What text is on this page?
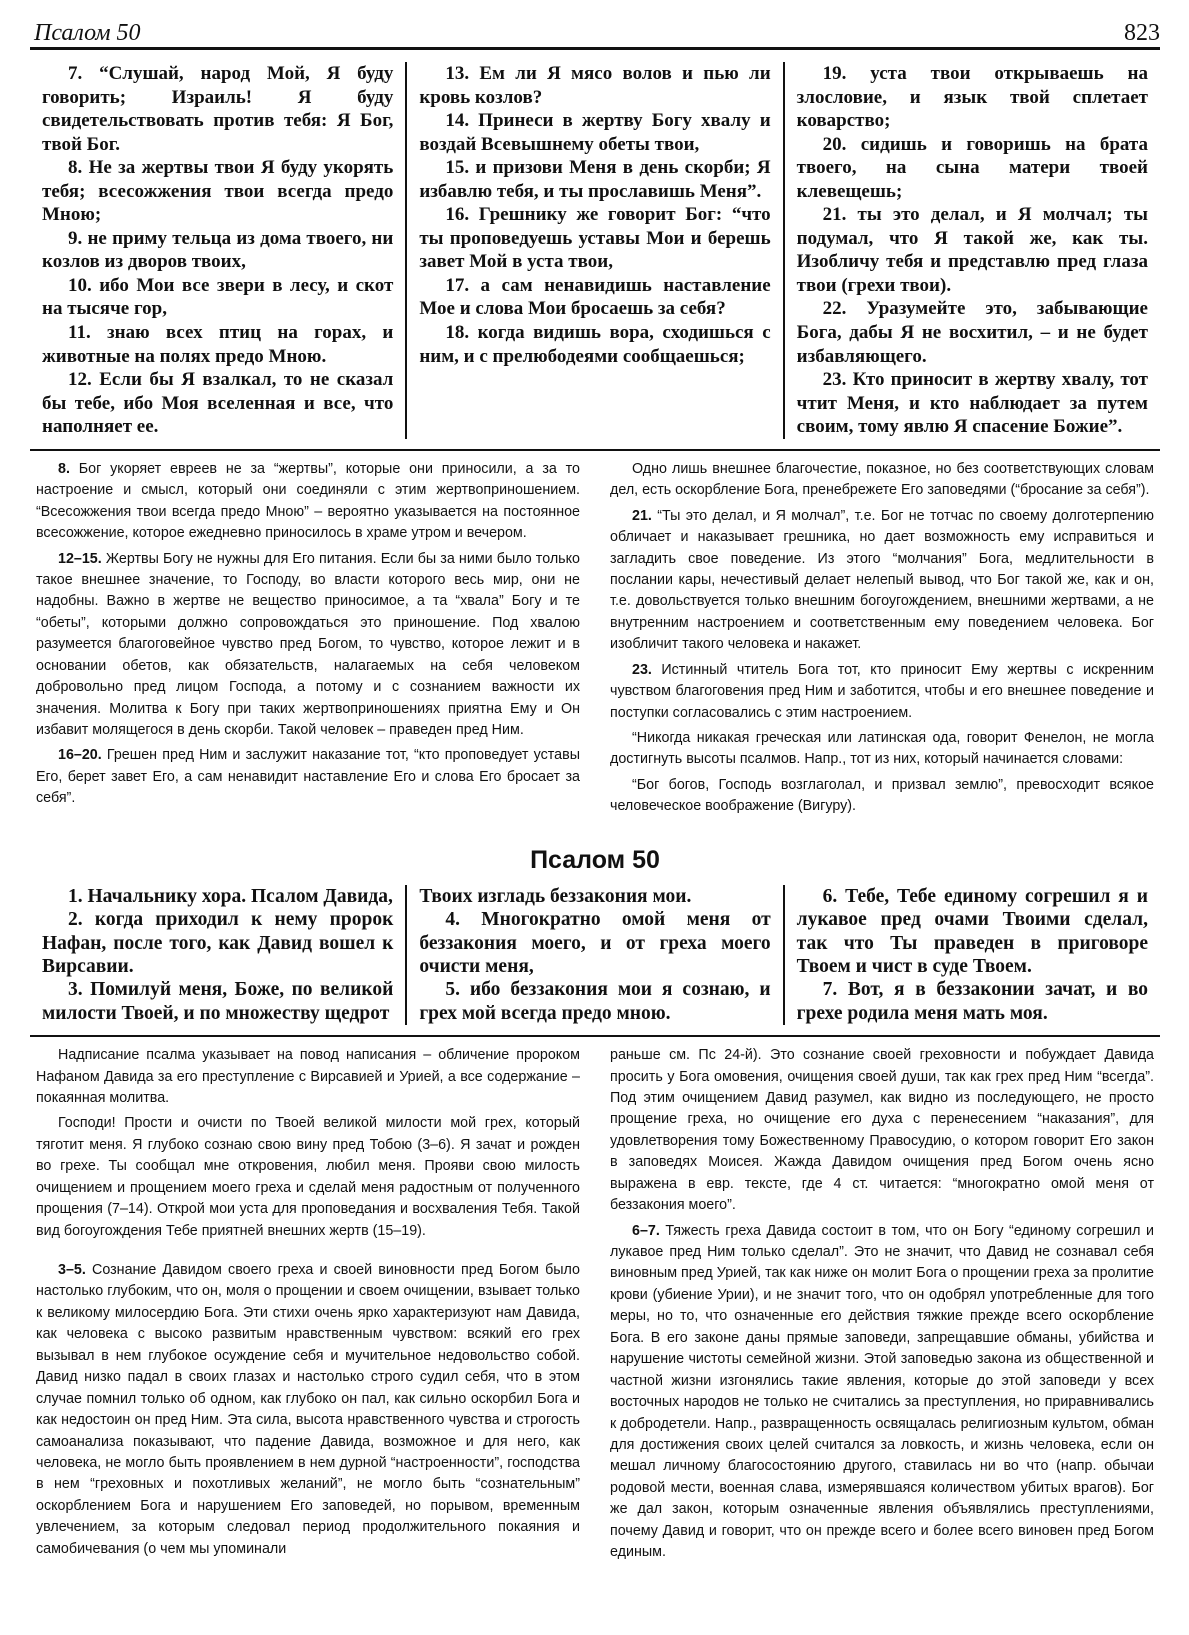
Псалом 50	823

7. “Слушай, народ Мой, Я буду говорить; Израиль! Я буду свидетельствовать против тебя: Я Бог, твой Бог.

8. Не за жертвы твои Я буду укорять тебя; всесожжения твои всегда предо Мною;

9. не приму тельца из дома твоего, ни козлов из дворов твоих,

10. ибо Мои все звери в лесу, и скот на тысяче гор,

11. знаю всех птиц на горах, и животные на полях предо Мною.

12. Если бы Я взалкал, то не сказал бы тебе, ибо Моя вселенная и все, что наполняет ее.

13. Ем ли Я мясо волов и пью ли кровь козлов?

14. Принеси в жертву Богу хвалу и воздай Всевышнему обеты твои,

15. и призови Меня в день скорби; Я избавлю тебя, и ты прославишь Меня”.

16. Грешнику же говорит Бог: “что ты проповедуешь уставы Мои и берешь завет Мой в уста твои,

17. а сам ненавидишь наставление Мое и слова Мои бросаешь за себя?

18. когда видишь вора, сходишься с ним, и с прелюбодеями сообщаешься;

19. уста твои открываешь на злословие, и язык твой сплетает коварство;

20. сидишь и говоришь на брата твоего, на сына матери твоей клевещешь;

21. ты это делал, и Я молчал; ты подумал, что Я такой же, как ты. Изобличу тебя и представлю пред глаза твои (грехи твои).

22. Уразумейте это, забывающие Бога, дабы Я не восхитил, – и не будет избавляющего.

23. Кто приносит в жертву хвалу, тот чтит Меня, и кто наблюдает за путем своим, тому явлю Я спасение Божие”.

8. Бог укоряет евреев не за “жертвы”, которые они приносили, а за то настроение и смысл, который они соединяли с этим жертвоприношением. “Всесожжения твои всегда предо Мною” – вероятно указывается на постоянное всесожжение, которое ежедневно приносилось в храме утром и вечером.

12–15. Жертвы Богу не нужны для Его питания. Если бы за ними было только такое внешнее значение, то Господу, во власти которого весь мир, они не надобны. Важно в жертве не вещество приносимое, а та “хвала” Богу и те “обеты”, которыми должно сопровождаться это приношение. Под хвалою разумеется благоговейное чувство пред Богом, то чувство, которое лежит и в основании обетов, как обязательств, налагаемых на себя человеком добровольно пред лицом Господа, а потому и с сознанием важности их значения. Молитва к Богу при таких жертвоприношениях приятна Ему и Он избавит молящегося в день скорби. Такой человек – праведен пред Ним.

16–20. Грешен пред Ним и заслужит наказание тот, “кто проповедует уставы Его, берет завет Его, а сам ненавидит наставление Его и слова Его бросает за себя”.

Одно лишь внешнее благочестие, показное, но без соответствующих словам дел, есть оскорбление Бога, пренебрежете Его заповедями (“бросание за себя”).

21. “Ты это делал, и Я молчал”, т.е. Бог не тотчас по своему долготерпению обличает и наказывает грешника, но дает возможность ему исправиться и загладить свое поведение. Из этого “молчания” Бога, медлительности в послании кары, нечестивый делает нелепый вывод, что Бог такой же, как и он, т.е. довольствуется только внешним богоугождением, внешними жертвами, а не внутренним настроением и соответственным ему поведением человека. Бог изобличит такого человека и накажет.

23. Истинный чтитель Бога тот, кто приносит Ему жертвы с искренним чувством благоговения пред Ним и заботится, чтобы и его внешнее поведение и поступки согласовались с этим настроением.

“Никогда никакая греческая или латинская ода, говорит Фенелон, не могла достигнуть высоты псалмов. Напр., тот из них, который начинается словами:

“Бог богов, Господь возглаголал, и призвал землю”, превосходит всякое человеческое воображение (Вигуру).

Псалом 50

1. Начальнику хора. Псалом Давида,

2. когда приходил к нему пророк Нафан, после того, как Давид вошел к Вирсавии.

3. Помилуй меня, Боже, по великой милости Твоей, и по множеству щедрот

Твоих изгладь беззакония мои.

4. Многократно омой меня от беззакония моего, и от греха моего очисти меня,

5. ибо беззакония мои я сознаю, и грех мой всегда предо мною.

6. Тебе, Тебе единому согрешил я и лукавое пред очами Твоими сделал, так что Ты праведен в приговоре Твоем и чист в суде Твоем.

7. Вот, я в беззаконии зачат, и во грехе родила меня мать моя.

Надписание псалма указывает на повод написания – обличение пророком Нафаном Давида за его преступление с Вирсавией и Урией, а все содержание – покаянная молитва.

Господи! Прости и очисти по Твоей великой милости мой грех, который тяготит меня. Я глубоко сознаю свою вину пред Тобою (3–6). Я зачат и рожден во грехе. Ты сообщал мне откровения, любил меня. Прояви свою милость очищением и прощением моего греха и сделай меня радостным от полученного прощения (7–14). Открой мои уста для проповедания и восхваления Тебя. Такой вид богоугождения Тебе приятней внешних жертв (15–19).

3–5. Сознание Давидом своего греха и своей виновности пред Богом было настолько глубоким, что он, моля о прощении и своем очищении, взывает только к великому милосердию Бога. Эти стихи очень ярко характеризуют нам Давида, как человека с высоко развитым нравственным чувством: всякий его грех вызывал в нем глубокое осуждение себя и мучительное недовольство собой. Давид низко падал в своих глазах и настолько строго судил себя, что в этом случае помнил только об одном, как глубоко он пал, как сильно оскорбил Бога и как недостоин он пред Ним. Эта сила, высота нравственного чувства и строгость самоанализа показывают, что падение Давида, возможное и для него, как человека, не могло быть проявлением в нем дурной “настроенности”, господства в нем “греховных и похотливых желаний”, не могло быть “сознательным” оскорблением Бога и нарушением Его заповедей, но порывом, временным увлечением, за которым следовал период продолжительного покаяния и самобичевания (о чем мы упоминали

раньше см. Пс 24-й). Это сознание своей греховности и побуждает Давида просить у Бога омовения, очищения своей души, так как грех пред Ним “всегда”. Под этим очищением Давид разумел, как видно из последующего, не просто прощение греха, но очищение его духа с перенесением “наказания”, для удовлетворения тому Божественному Правосудию, о котором говорит Его закон в заповедях Моисея. Жажда Давидом очищения пред Богом очень ясно выражена в евр. тексте, где 4 ст. читается: “многократно омой меня от беззакония моего”.

6–7. Тяжесть греха Давида состоит в том, что он Богу “единому согрешил и лукавое пред Ним только сделал”. Это не значит, что Давид не сознавал себя виновным пред Урией, так как ниже он молит Бога о прощении греха за пролитие крови (убиение Урии), и не значит того, что он одобрял употребленные для того меры, но то, что означенные его действия тяжкие прежде всего оскорбление Бога. В его законе даны прямые заповеди, запрещавшие обманы, убийства и нарушение чистоты семейной жизни. Этой заповедью закона из общественной и частной жизни изгонялись такие явления, которые до этой заповеди у всех восточных народов не только не считались за преступления, но приравнивались к добродетели. Напр., развращенность освящалась религиозным культом, обман для достижения своих целей считался за ловкость, и жизнь человека, если он мешал личному благосостоянию другого, ставилась ни во что (напр. обычаи родовой мести, военная слава, измерявшаяся количеством убитых врагов). Бог же дал закон, которым означенные явления объявлялись преступлениями, почему Давид и говорит, что он прежде всего и более всего виновен пред Богом единым.
